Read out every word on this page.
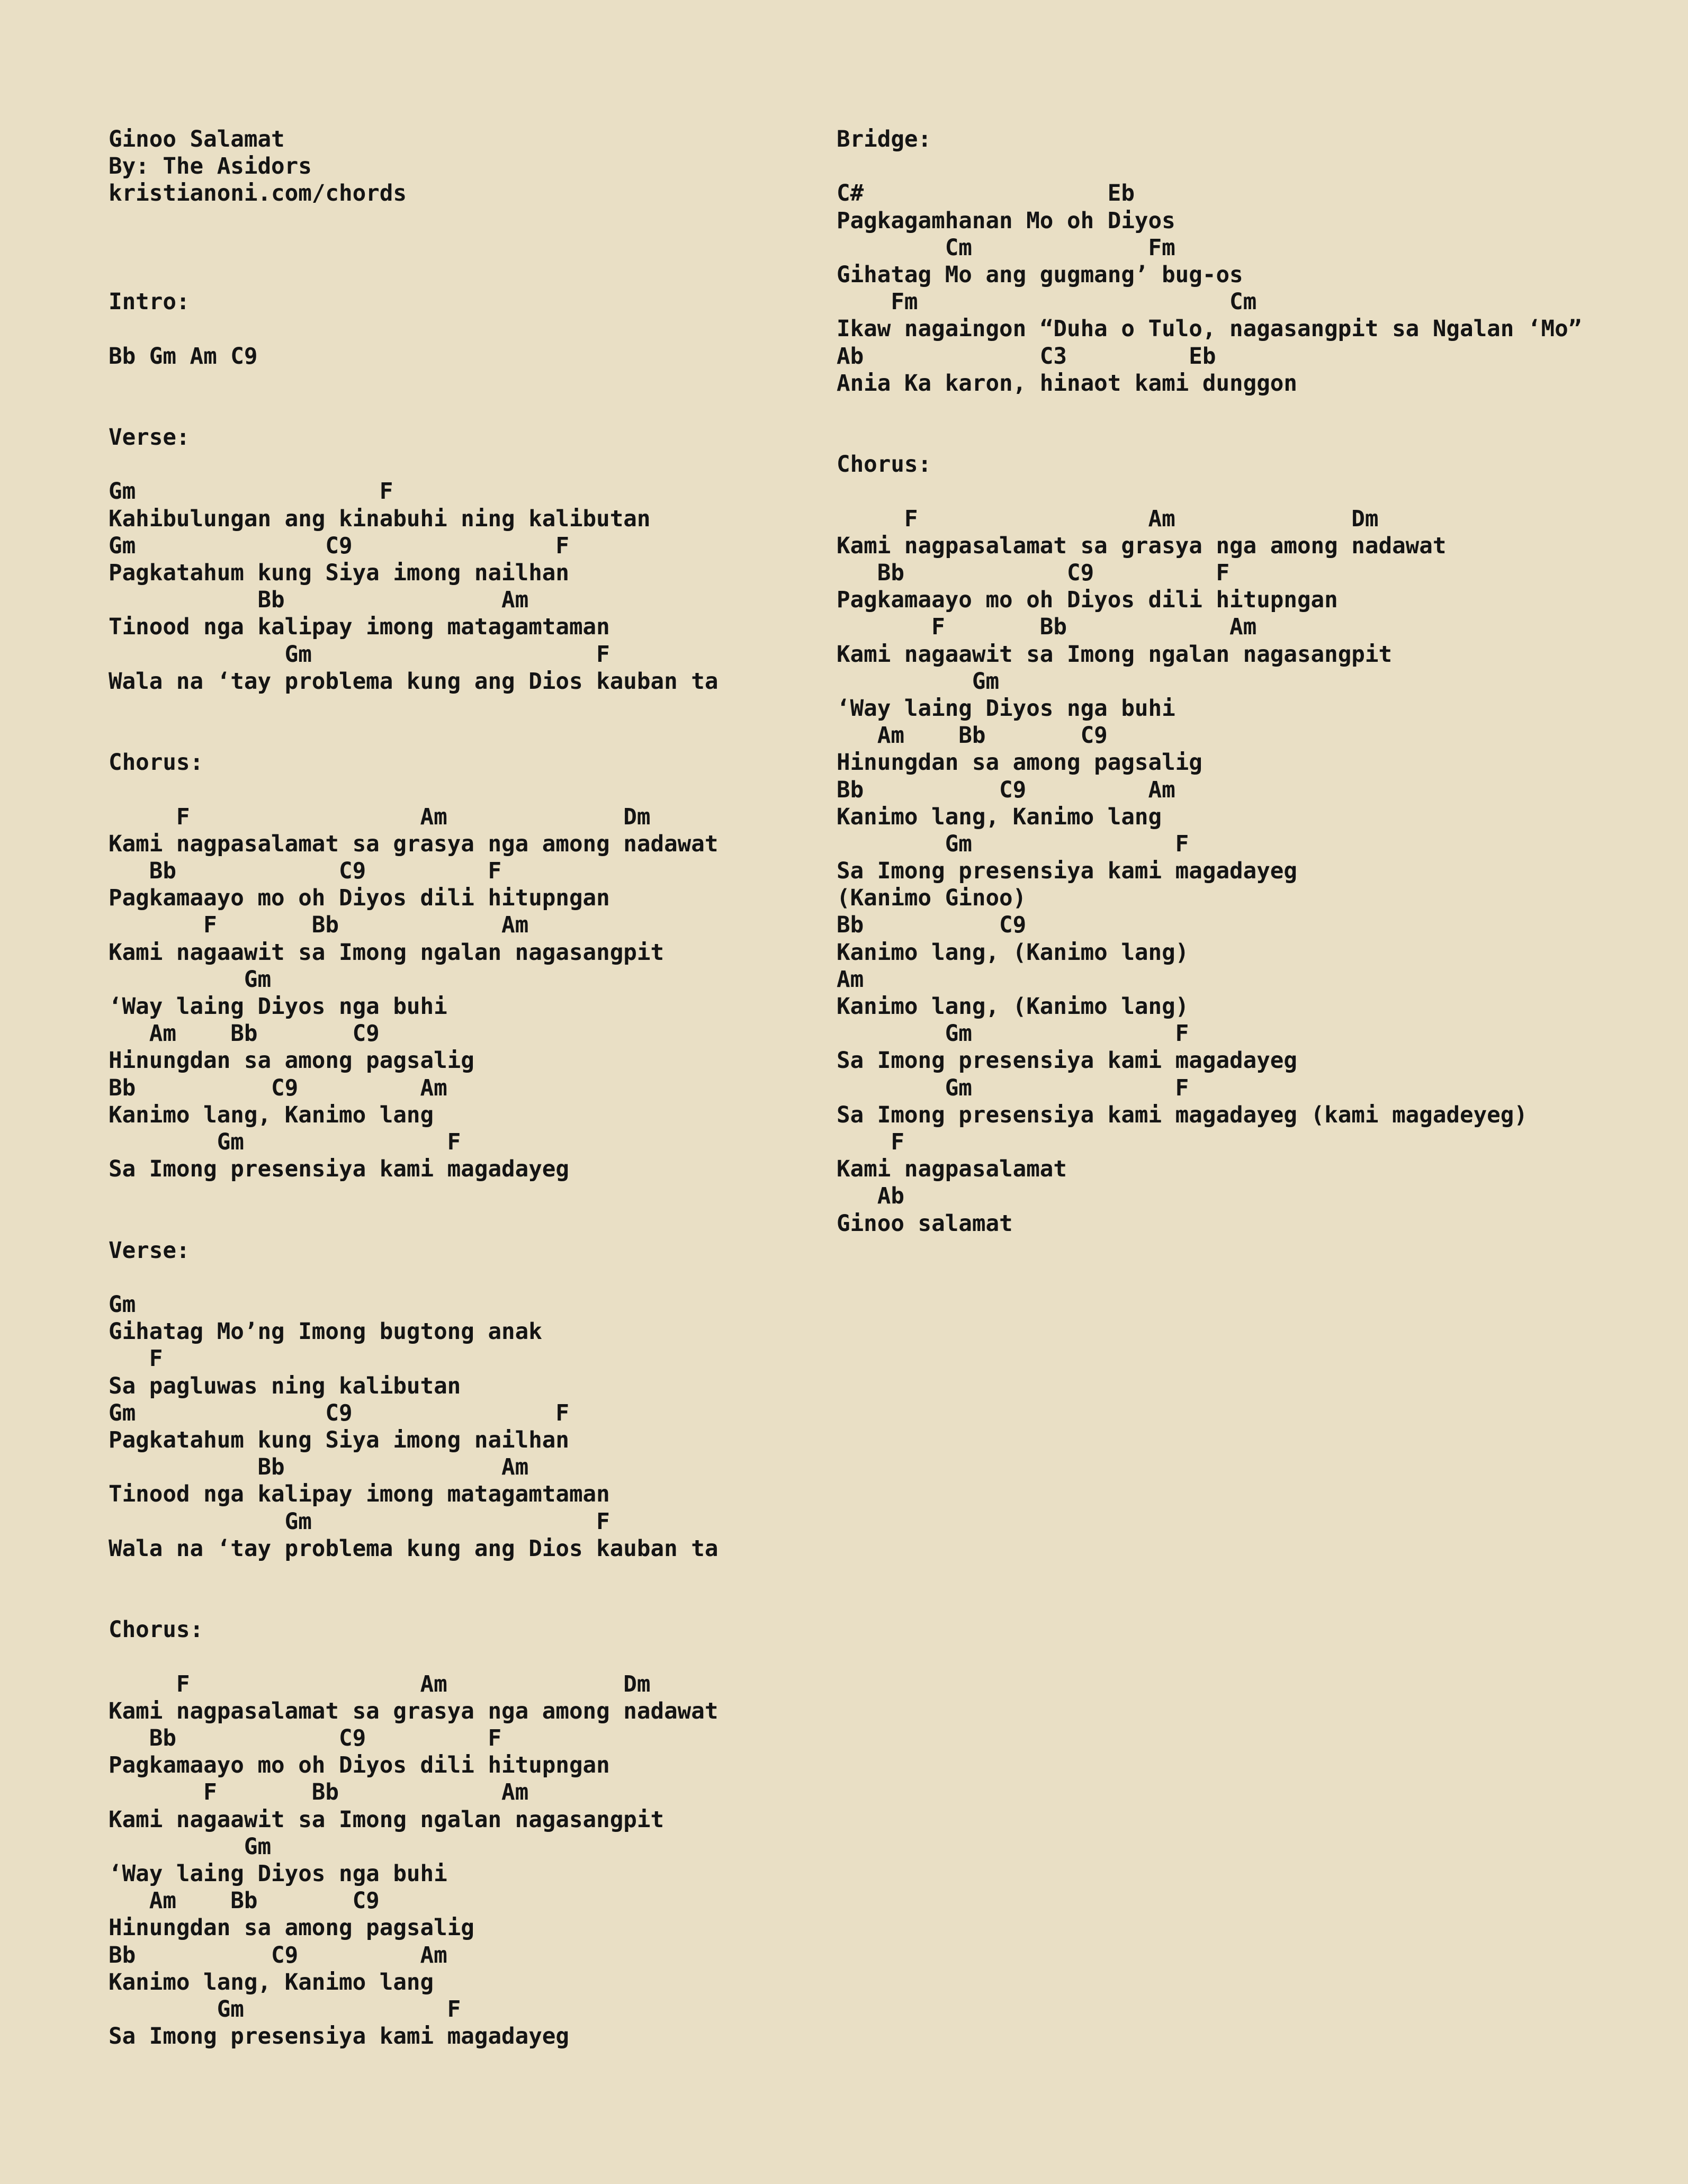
Ginoo Salamat
By: The Asidors
kristianoni.com/chords
Intro:
Bb Gm Am C9
Verse:
Gm                  F
Kahibulungan ang kinabuhi ning kalibutan
Gm              C9               F
Pagkatahum kung Siya imong nailhan
Bb                Am
Tinood nga kalipay imong matagamtaman
Gm                     F
Wala na ‘tay problema kung ang Dios kauban ta
Chorus:
F                 Am             Dm
Kami nagpasalamat sa grasya nga among nadawat
Bb            C9         F
Pagkamaayo mo oh Diyos dili hitupngan
F       Bb            Am
Kami nagaawit sa Imong ngalan nagasangpit
Gm
‘Way laing Diyos nga buhi
Am    Bb       C9
Hinungdan sa among pagsalig
Bb          C9         Am
Kanimo lang, Kanimo lang
Gm               F
Sa Imong presensiya kami magadayeg
Verse:
Gm
Gihatag Mo’ng Imong bugtong anak
F
Sa pagluwas ning kalibutan
Gm              C9               F
Pagkatahum kung Siya imong nailhan
Bb                Am
Tinood nga kalipay imong matagamtaman
Gm                     F
Wala na ‘tay problema kung ang Dios kauban ta
Chorus:
F                 Am             Dm
Kami nagpasalamat sa grasya nga among nadawat
Bb            C9         F
Pagkamaayo mo oh Diyos dili hitupngan
F       Bb            Am
Kami nagaawit sa Imong ngalan nagasangpit
Gm
‘Way laing Diyos nga buhi
Am    Bb       C9
Hinungdan sa among pagsalig
Bb          C9         Am
Kanimo lang, Kanimo lang
Gm               F
Sa Imong presensiya kami magadayeg
Bridge:
C#                  Eb
Pagkagamhanan Mo oh Diyos
Cm             Fm
Gihatag Mo ang gugmang’ bug-os
Fm                       Cm
Ikaw nagaingon “Duha o Tulo, nagasangpit sa Ngalan ‘Mo”
Ab             C3         Eb
Ania Ka karon, hinaot kami dunggon
Chorus:
F                 Am             Dm
Kami nagpasalamat sa grasya nga among nadawat
Bb            C9         F
Pagkamaayo mo oh Diyos dili hitupngan
F       Bb            Am
Kami nagaawit sa Imong ngalan nagasangpit
Gm
‘Way laing Diyos nga buhi
Am    Bb       C9
Hinungdan sa among pagsalig
Bb          C9         Am
Kanimo lang, Kanimo lang
Gm               F
Sa Imong presensiya kami magadayeg
(Kanimo Ginoo)
Bb          C9
Kanimo lang, (Kanimo lang)
Am
Kanimo lang, (Kanimo lang)
Gm               F
Sa Imong presensiya kami magadayeg
Gm               F
Sa Imong presensiya kami magadayeg (kami magadeyeg)
F
Kami nagpasalamat
Ab
Ginoo salamat
